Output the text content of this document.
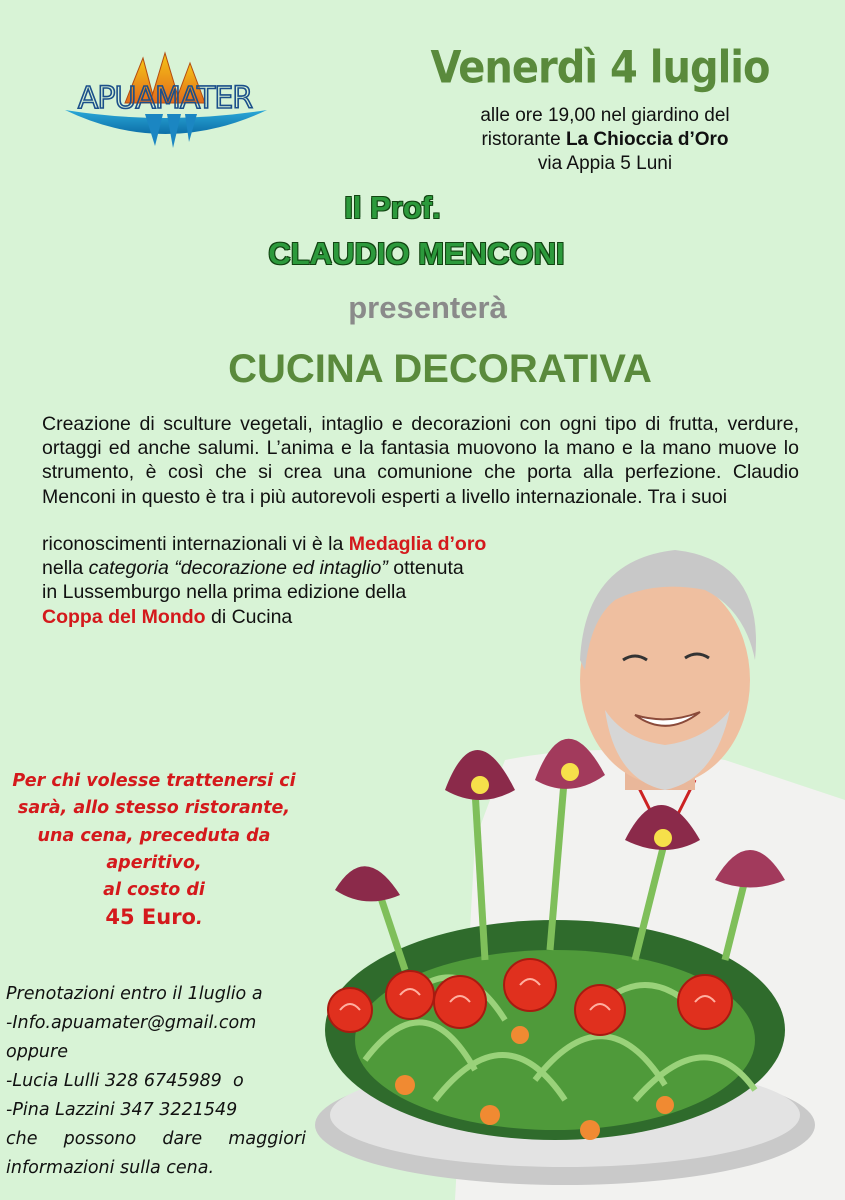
APUAMATER
Venerdì 4 luglio
alle ore 19,00 nel giardino del
ristorante La Chioccia d’Oro
via Appia 5 Luni
Il Prof.
CLAUDIO MENCONI
presenterà
CUCINA DECORATIVA
Creazione di sculture vegetali, intaglio e decorazioni con ogni tipo di frutta, verdure, ortaggi ed anche salumi. L’anima e la fantasia muovono la mano e la mano muove lo strumento, è così che si crea una comunione che porta alla perfezione. Claudio Menconi in questo è tra i più autorevoli esperti a livello internazionale. Tra i suoi
riconoscimenti internazionali vi è la Medaglia d’oro
nella categoria “decorazione ed intaglio” ottenuta
in Lussemburgo nella prima edizione della
Coppa del Mondo di Cucina
Per chi volesse trattenersi ci
sarà, allo stesso ristorante,
una cena, preceduta da
aperitivo,
al costo di
45 Euro.
Prenotazioni entro il 1luglio a
-Info.apuamater@gmail.com
oppure
-Lucia Lulli 328 6745989  o
-Pina Lazzini 347 3221549
che possono dare maggiori
informazioni sulla cena.
